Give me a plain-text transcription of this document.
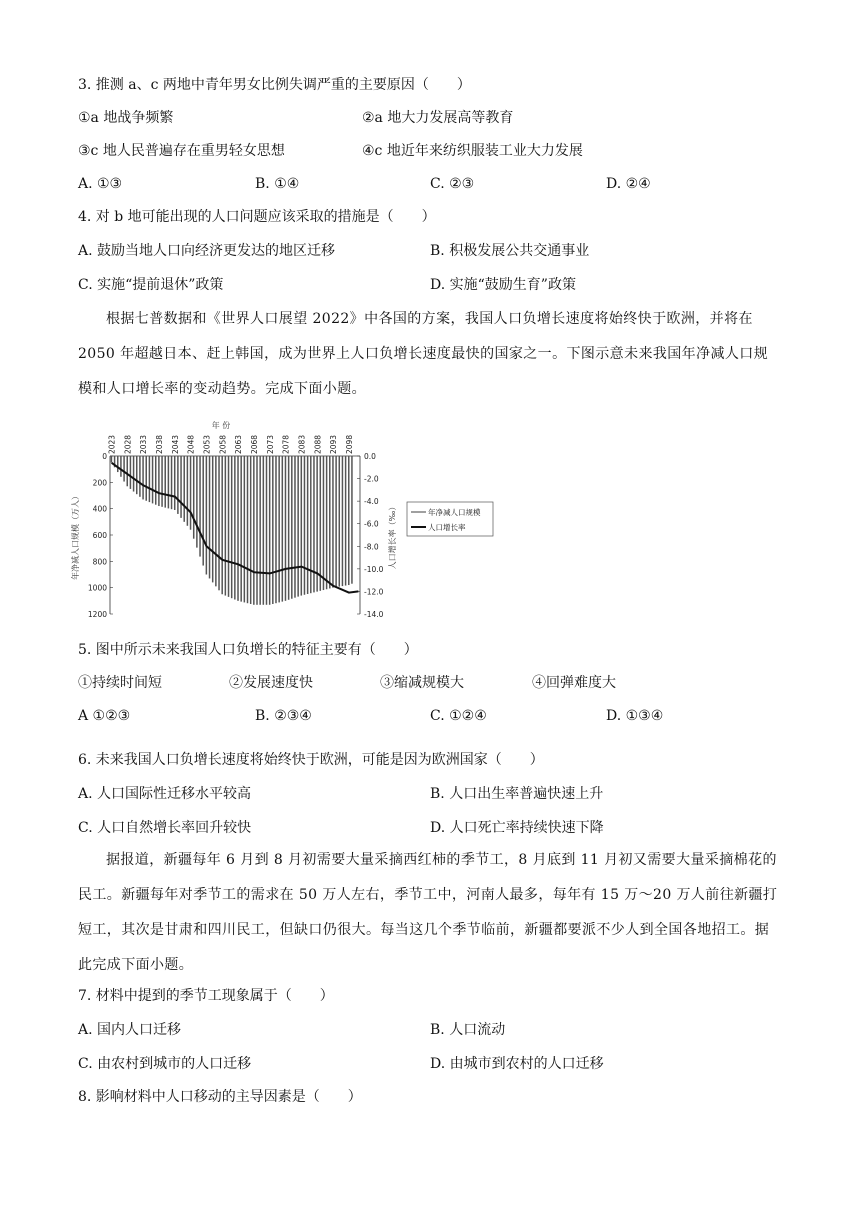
3. 推测 a、c 两地中青年男女比例失调严重的主要原因（　　）
①a 地战争频繁	②a 地大力发展高等教育
③c 地人民普遍存在重男轻女思想	④c 地近年来纺织服装工业大力发展
A. ①③	B. ①④	C. ②③	D. ②④
4. 对 b 地可能出现的人口问题应该采取的措施是（　　）
A. 鼓励当地人口向经济更发达的地区迁移	B. 积极发展公共交通事业
C. 实施“提前退休”政策	D. 实施“鼓励生育”政策

根据七普数据和《世界人口展望 2022》中各国的方案，我国人口负增长速度将始终快于欧洲，并将在 2050 年超越日本、赶上韩国，成为世界上人口负增长速度最快的国家之一。下图示意未来我国年净减人口规模和人口增长率的变动趋势。完成下面小题。

年 份
2023 2028 2033 2038 2043 2048 2053 2058 2063 2068 2073 2078 2083 2088 2093 2098
0
200
400
600
800
1000
1200
0.0
-2.0
-4.0
-6.0
-8.0
-10.0
-12.0
-14.0
年净减人口规模（万人）	人口增长率（‰）	年净减人口规模
人口增长率
5. 图中所示未来我国人口负增长的特征主要有（　　）
①持续时间短	②发展速度快	③缩减规模大	④回弹难度大
A ①②③	B. ②③④	C. ①②④	D. ①③④
6. 未来我国人口负增长速度将始终快于欧洲，可能是因为欧洲国家（　　）
A. 人口国际性迁移水平较高	B. 人口出生率普遍快速上升
C. 人口自然增长率回升较快	D. 人口死亡率持续快速下降

据报道，新疆每年 6 月到 8 月初需要大量采摘西红柿的季节工，8 月底到 11 月初又需要大量采摘棉花的民工。新疆每年对季节工的需求在 50 万人左右，季节工中，河南人最多，每年有 15 万～20 万人前往新疆打短工，其次是甘肃和四川民工，但缺口仍很大。每当这几个季节临前，新疆都要派不少人到全国各地招工。据此完成下面小题。

7. 材料中提到的季节工现象属于（　　）
A. 国内人口迁移	B. 人口流动
C. 由农村到城市的人口迁移	D. 由城市到农村的人口迁移
8. 影响材料中人口移动的主导因素是（　　）
